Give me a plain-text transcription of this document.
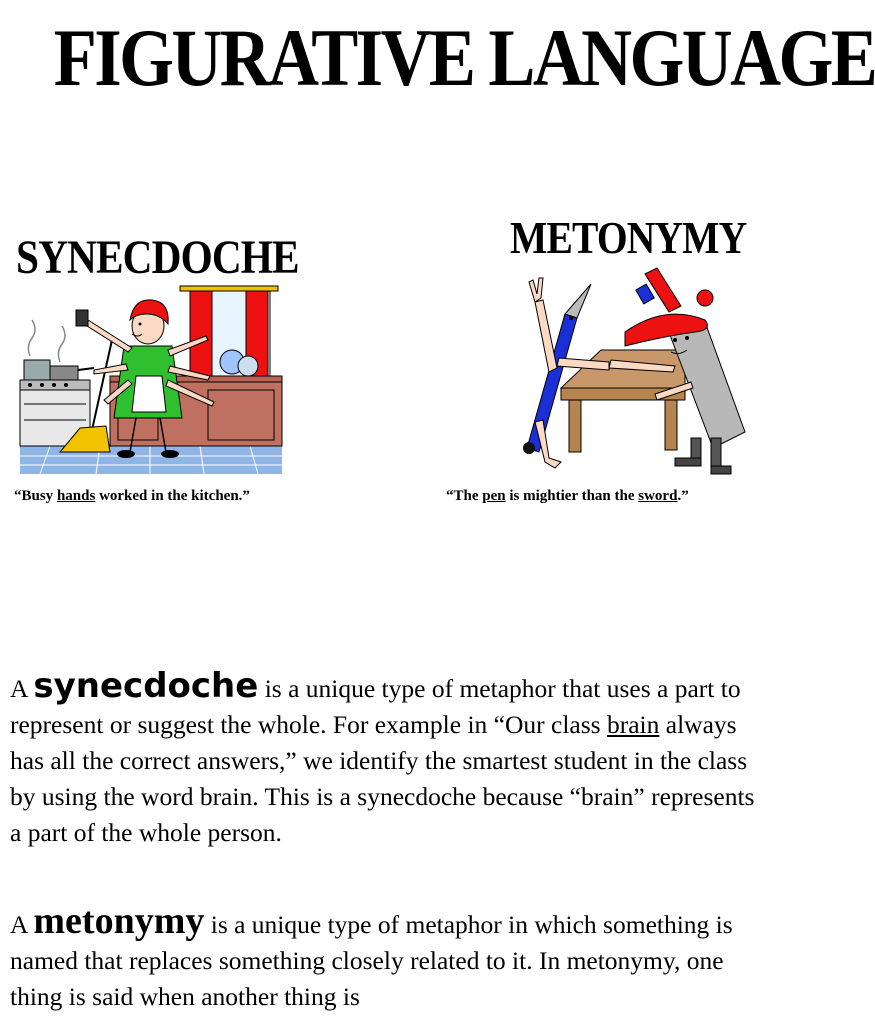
FIGURATIVE LANGUAGE
SYNECDOCHE	METONYMY
“Busy hands worked in the kitchen.”	“The pen is mightier than the sword.”
A synecdoche is a unique type of metaphor that uses a part to represent or suggest the whole. For example in “Our class brain always has all the correct answers,” we identify the smartest student in the class by using the word brain. This is a synecdoche because “brain” represents a part of the whole person.
A metonymy is a unique type of metaphor in which something is named that replaces something closely related to it. In metonymy, one thing is said when another thing is
